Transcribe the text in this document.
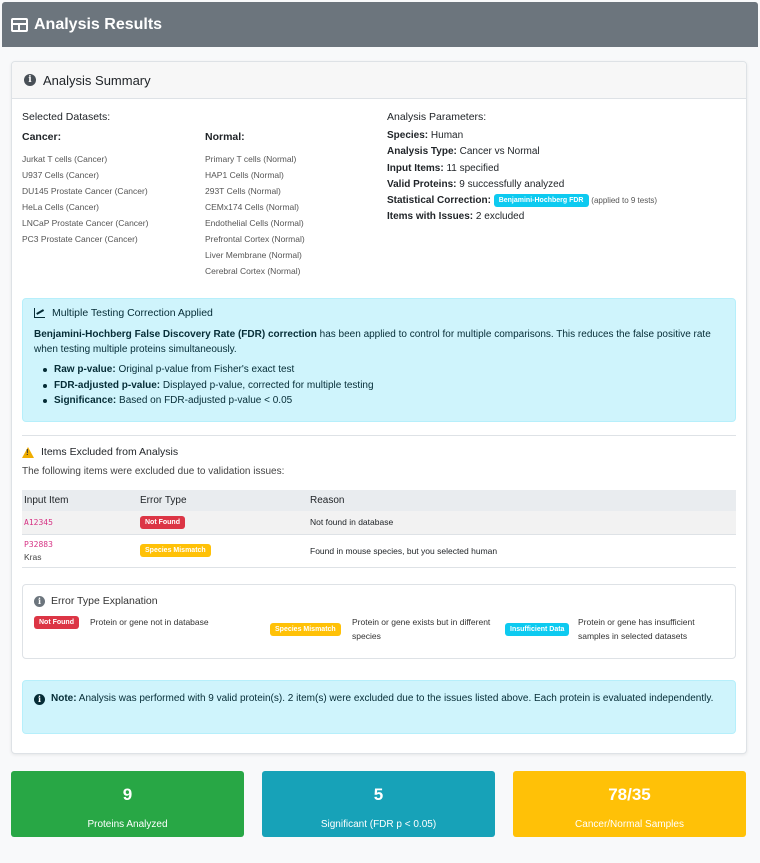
Analysis Results
i Analysis Summary
Selected Datasets:
Cancer:
Jurkat T cells (Cancer)
U937 Cells (Cancer)
DU145 Prostate Cancer (Cancer)
HeLa Cells (Cancer)
LNCaP Prostate Cancer (Cancer)
PC3 Prostate Cancer (Cancer)
Normal:
Primary T cells (Normal)
HAP1 Cells (Normal)
293T Cells (Normal)
CEMx174 Cells (Normal)
Endothelial Cells (Normal)
Prefrontal Cortex (Normal)
Liver Membrane (Normal)
Cerebral Cortex (Normal)
Analysis Parameters:
Species: Human
Analysis Type: Cancer vs Normal
Input Items: 11 specified
Valid Proteins: 9 successfully analyzed
Statistical Correction: Benjamini-Hochberg FDR (applied to 9 tests)
Items with Issues: 2 excluded
Multiple Testing Correction Applied
Benjamini-Hochberg False Discovery Rate (FDR) correction has been applied to control for multiple comparisons. This reduces the false positive rate when testing multiple proteins simultaneously.
Raw p-value: Original p-value from Fisher's exact test
FDR-adjusted p-value: Displayed p-value, corrected for multiple testing
Significance: Based on FDR-adjusted p-value < 0.05
!
Items Excluded from Analysis
The following items were excluded due to validation issues:
Input Item	Error Type	Reason
A12345	Not Found	Not found in database

P32883
Kras	Species Mismatch	Found in mouse species, but you selected human
i Error Type Explanation
Not Found	Protein or gene not in database
Species Mismatch
Protein or gene exists but in different species
Insufficient Data
Protein or gene has insufficient samples in selected datasets
i Note: Analysis was performed with 9 valid protein(s). 2 item(s) were excluded due to the issues listed above. Each protein is evaluated independently.
9
Proteins Analyzed
5
Significant (FDR p < 0.05)
78/35
Cancer/Normal Samples
